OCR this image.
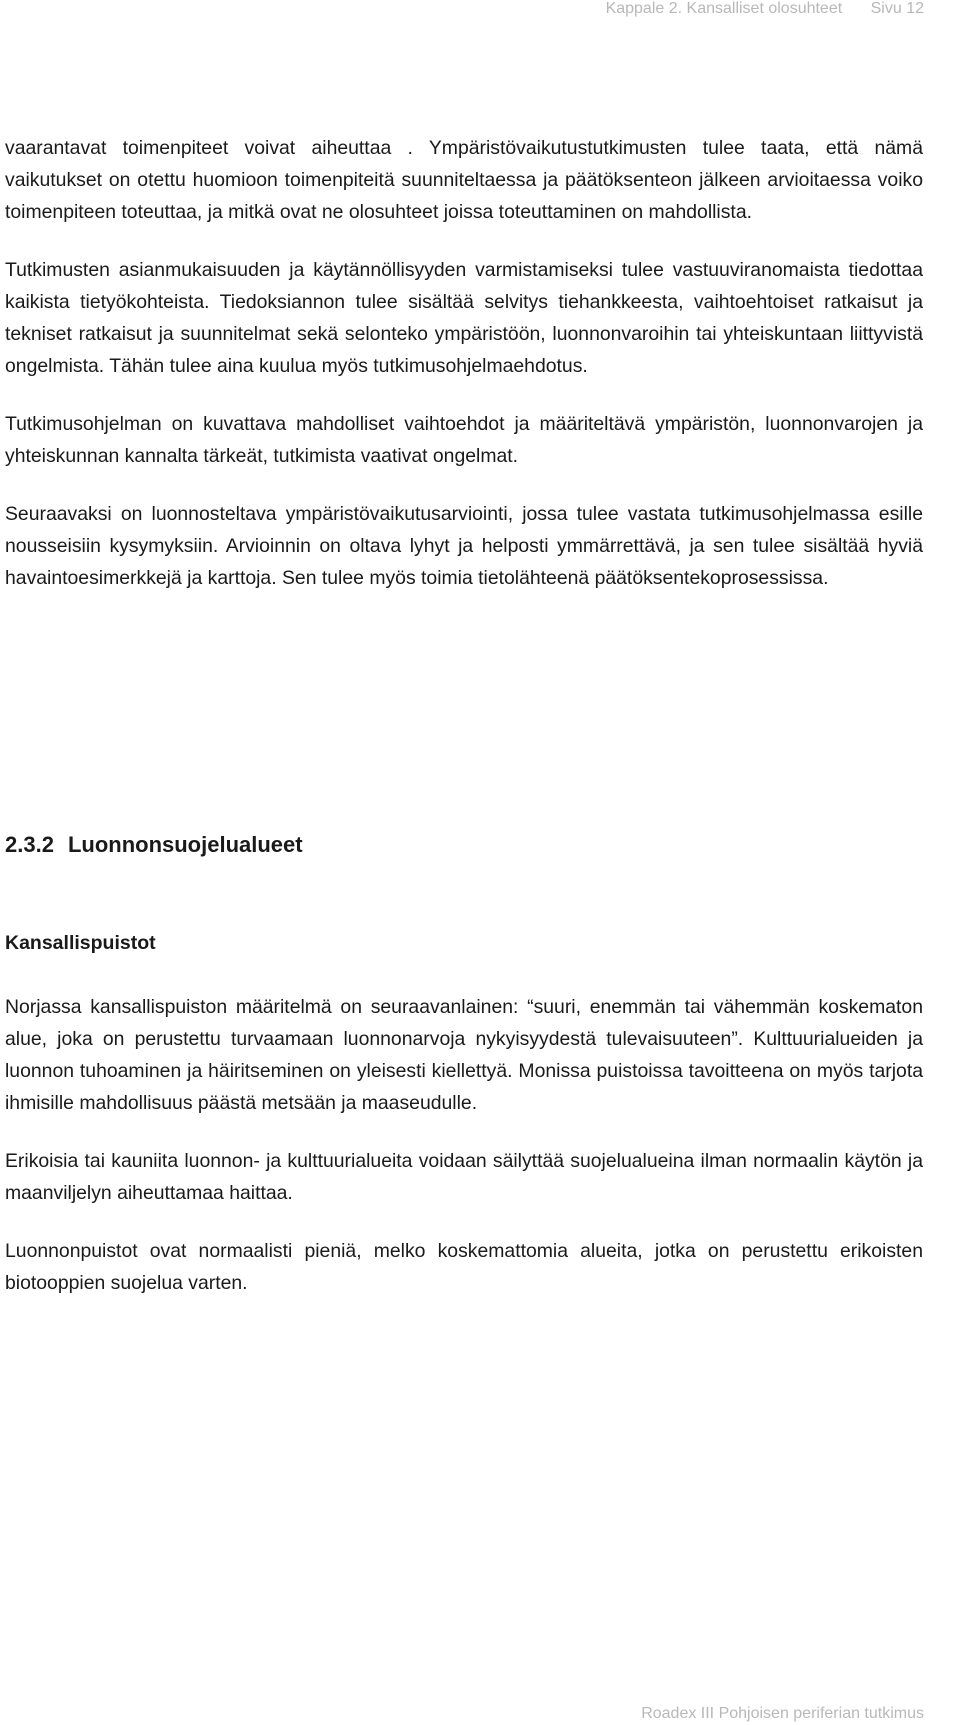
Kappale 2. Kansalliset olosuhteet Sivu 12

vaarantavat toimenpiteet voivat aiheuttaa . Ympäristövaikutustutkimusten tulee taata, että nämä vaikutukset on otettu huomioon toimenpiteitä suunniteltaessa ja päätöksenteon jälkeen arvioitaessa voiko toimenpiteen toteuttaa, ja mitkä ovat ne olosuhteet joissa toteuttaminen on mahdollista.

Tutkimusten asianmukaisuuden ja käytännöllisyyden varmistamiseksi tulee vastuuviranomaista tiedottaa kaikista tietyökohteista. Tiedoksiannon tulee sisältää selvitys tiehankkeesta, vaihtoehtoiset ratkaisut ja tekniset ratkaisut ja suunnitelmat sekä selonteko ympäristöön, luonnonvaroihin tai yhteiskuntaan liittyvistä ongelmista. Tähän tulee aina kuulua myös tutkimusohjelmaehdotus.

Tutkimusohjelman on kuvattava mahdolliset vaihtoehdot ja määriteltävä ympäristön, luonnonvarojen ja yhteiskunnan kannalta tärkeät, tutkimista vaativat ongelmat.

Seuraavaksi on luonnosteltava ympäristövaikutusarviointi, jossa tulee vastata tutkimusohjelmassa esille nousseisiin kysymyksiin. Arvioinnin on oltava lyhyt ja helposti ymmärrettävä, ja sen tulee sisältää hyviä havaintoesimerkkejä ja karttoja. Sen tulee myös toimia tietolähteenä päätöksentekoprosessissa.

2.3.2 Luonnonsuojelualueet
Kansallispuistot

Norjassa kansallispuiston määritelmä on seuraavanlainen: “suuri, enemmän tai vähemmän koskematon alue, joka on perustettu turvaamaan luonnonarvoja nykyisyydestä tulevaisuuteen”. Kulttuurialueiden ja luonnon tuhoaminen ja häiritseminen on yleisesti kiellettyä. Monissa puistoissa tavoitteena on myös tarjota ihmisille mahdollisuus päästä metsään ja maaseudulle.

Erikoisia tai kauniita luonnon- ja kulttuurialueita voidaan säilyttää suojelualueina ilman normaalin käytön ja maanviljelyn aiheuttamaa haittaa.

Luonnonpuistot ovat normaalisti pieniä, melko koskemattomia alueita, jotka on perustettu erikoisten biotooppien suojelua varten.

Roadex III Pohjoisen periferian tutkimus
